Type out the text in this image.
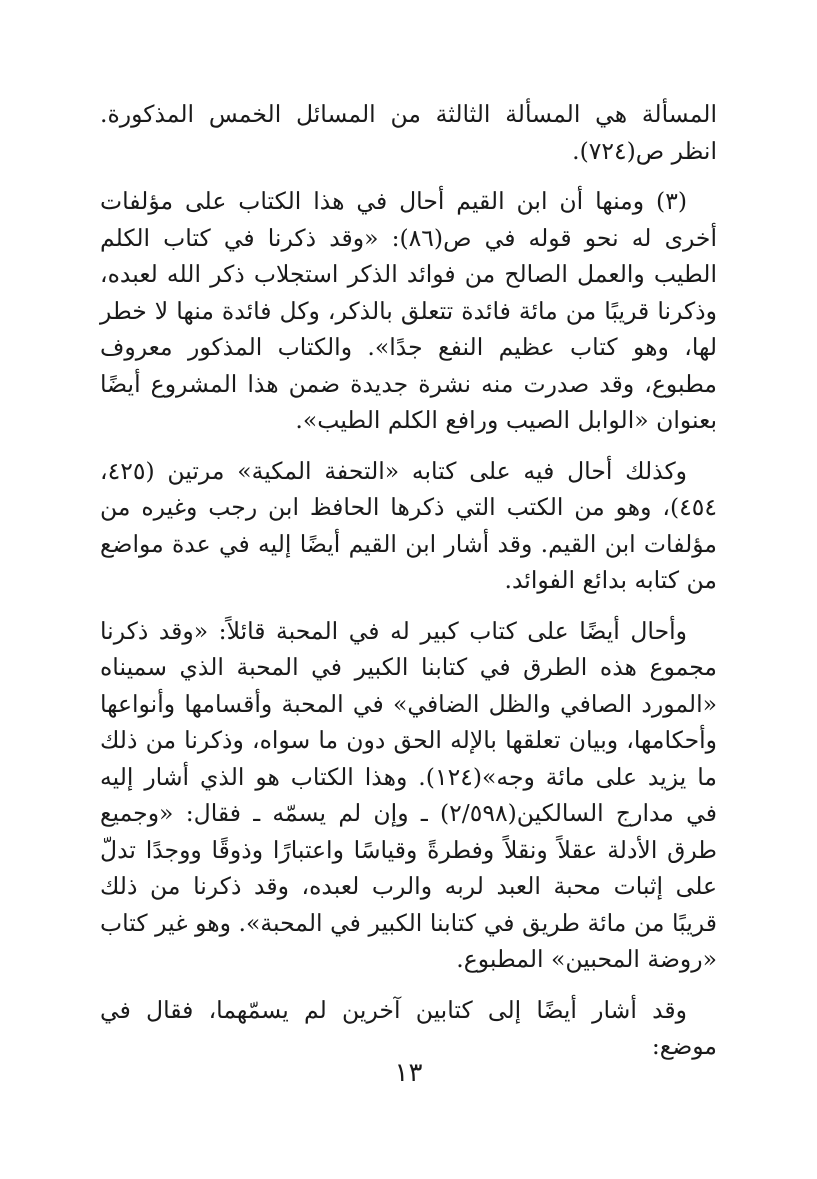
المسألة هي المسألة الثالثة من المسائل الخمس المذكورة. انظر ص(٧٢٤).

(٣) ومنها أن ابن القيم أحال في هذا الكتاب على مؤلفات أخرى له نحو قوله في ص(٨٦): «وقد ذكرنا في كتاب الكلم الطيب والعمل الصالح من فوائد الذكر استجلاب ذكر الله لعبده، وذكرنا قريبًا من مائة فائدة تتعلق بالذكر، وكل فائدة منها لا خطر لها، وهو كتاب عظيم النفع جدًا». والكتاب المذكور معروف مطبوع، وقد صدرت منه نشرة جديدة ضمن هذا المشروع أيضًا بعنوان «الوابل الصيب ورافع الكلم الطيب».

وكذلك أحال فيه على كتابه «التحفة المكية» مرتين (٤٢٥، ٤٥٤)، وهو من الكتب التي ذكرها الحافظ ابن رجب وغيره من مؤلفات ابن القيم. وقد أشار ابن القيم أيضًا إليه في عدة مواضع من كتابه بدائع الفوائد.

وأحال أيضًا على كتاب كبير له في المحبة قائلاً: «وقد ذكرنا مجموع هذه الطرق في كتابنا الكبير في المحبة الذي سميناه «المورد الصافي والظل الضافي» في المحبة وأقسامها وأنواعها وأحكامها، وبيان تعلقها بالإله الحق دون ما سواه، وذكرنا من ذلك ما يزيد على مائة وجه»(١٢٤). وهذا الكتاب هو الذي أشار إليه في مدارج السالكين(٢/٥٩٨) ـ وإن لم يسمّه ـ فقال: «وجميع طرق الأدلة عقلاً ونقلاً وفطرةً وقياسًا واعتبارًا وذوقًا ووجدًا تدلّ على إثبات محبة العبد لربه والرب لعبده، وقد ذكرنا من ذلك قريبًا من مائة طريق في كتابنا الكبير في المحبة». وهو غير كتاب «روضة المحبين» المطبوع.

وقد أشار أيضًا إلى كتابين آخرين لم يسمّهما، فقال في موضع:

١٣
